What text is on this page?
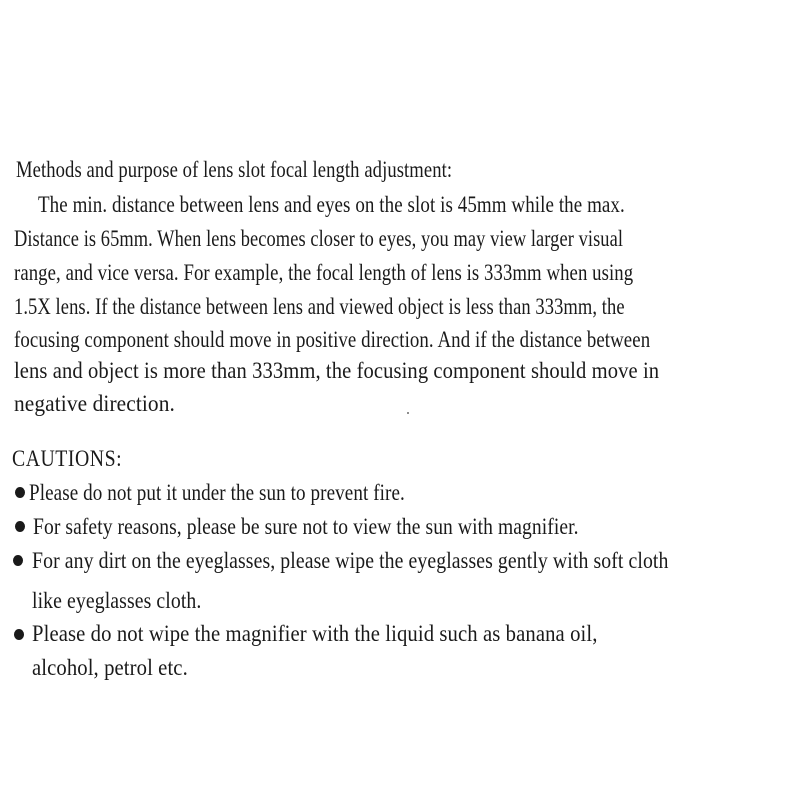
Methods and purpose of lens slot focal length adjustment:
The min. distance between lens and eyes on the slot is 45mm while the max.
Distance is 65mm. When lens becomes closer to eyes, you may view larger visual
range, and vice versa. For example, the focal length of lens is 333mm when using
1.5X lens. If the distance between lens and viewed object is less than 333mm, the
focusing component should move in positive direction. And if the distance between
lens and object is more than 333mm, the focusing component should move in
negative direction.
CAUTIONS:
Please do not put it under the sun to prevent fire.
For safety reasons, please be sure not to view the sun with magnifier.
For any dirt on the eyeglasses, please wipe the eyeglasses gently with soft cloth
like eyeglasses cloth.
Please do not wipe the magnifier with the liquid such as banana oil,
alcohol, petrol etc.
